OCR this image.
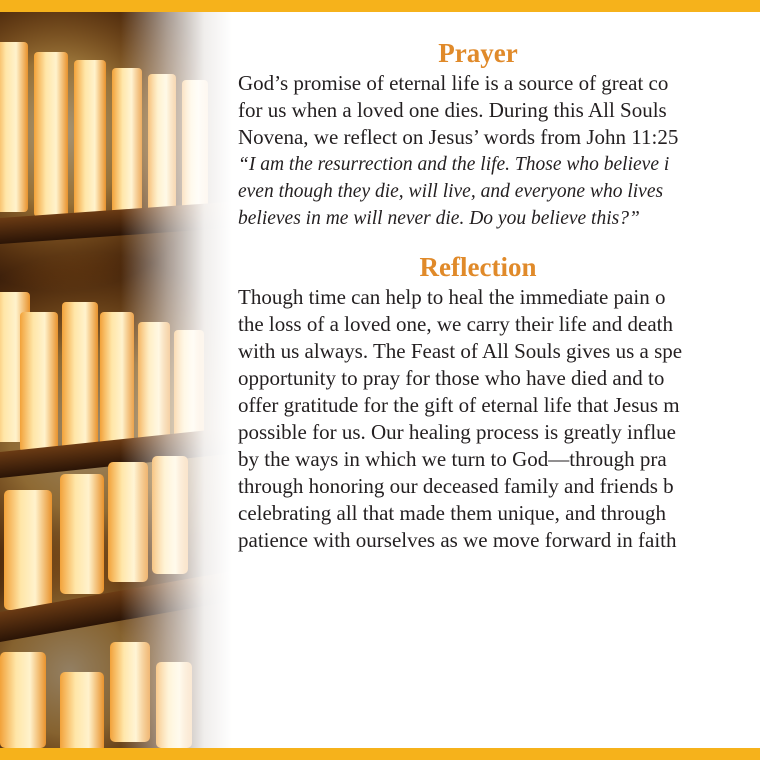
Prayer
God’s promise of eternal life is a source of great co
for us when a loved one dies. During this All Souls
Novena, we reflect on Jesus’ words from John 11:25
“I am the resurrection and the life. Those who believe i
even though they die, will live, and everyone who lives
believes in me will never die. Do you believe this?”
Reflection
Though time can help to heal the immediate pain o
the loss of a loved one, we carry their life and death
with us always. The Feast of All Souls gives us a spe
opportunity to pray for those who have died and to
offer gratitude for the gift of eternal life that Jesus m
possible for us. Our healing process is greatly influe
by the ways in which we turn to God—through pra
through honoring our deceased family and friends b
celebrating all that made them unique, and through
patience with ourselves as we move forward in faith
